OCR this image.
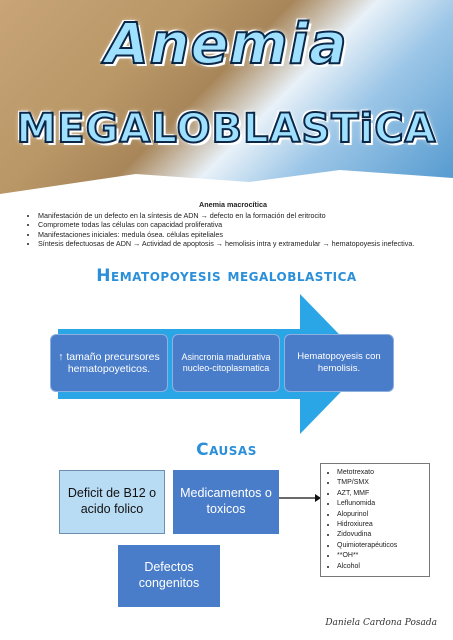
Anemia
MEGALOBLASTiCA
Anemia macrocítica
• Manifestación de un defecto en la síntesis de ADN → defecto en la formación del eritrocito
• Compromete todas las células con capacidad proliferativa
• Manifestaciones iniciales: medula ósea. células epiteliales
• Síntesis defectuosas de ADN → Actividad de apoptosis → hemolisis intra y extramedular → hematopoyesis inefectiva.
Hematopoyesis megaloblastica
↑ tamaño precursores hematopoyeticos.
Asincronia madurativa nucleo-citoplasmatica
Hematopoyesis con hemolisis.
Causas
Deficit de B12 o acido folico
Medicamentos o toxicos
Defectos congenitos
• Metotrexato
• TMP/SMX
• AZT, MMF
• Leflunomida
• Alopurinol
• Hidroxiurea
• Zidovudina
• Quimioterapéuticos
• **OH**
• Alcohol
Daniela Cardona Posada
